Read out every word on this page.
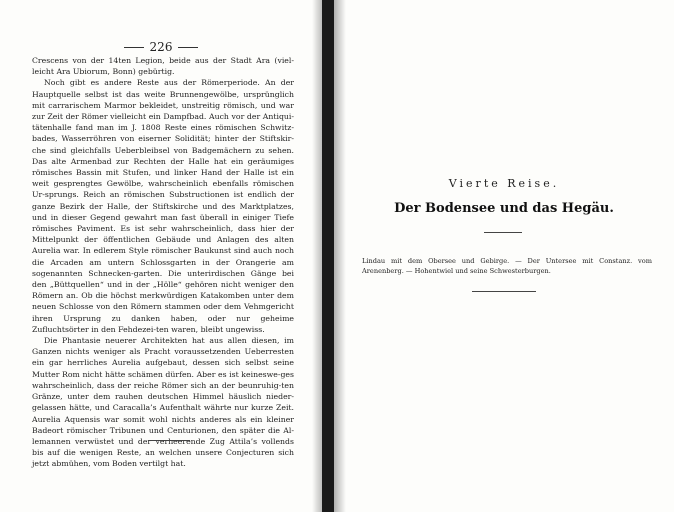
226

Crescens von der 14ten Legion, beide aus der Stadt Ara (viel-leicht Ara Ubiorum, Bonn) gebürtig.

Noch gibt es andere Reste aus der Römerperiode. An der Hauptquelle selbst ist das weite Brunnengewölbe, ursprünglich mit carrarischem Marmor bekleidet, unstreitig römisch, und war zur Zeit der Römer vielleicht ein Dampfbad. Auch vor der Antiqui-tätenhalle fand man im J. 1808 Reste eines römischen Schwitz-bades, Wasserröhren von eiserner Solidität; hinter der Stiftskir-che sind gleichfalls Ueberbleibsel von Badgemächern zu sehen. Das alte Armenbad zur Rechten der Halle hat ein geräumiges römisches Bassin mit Stufen, und linker Hand der Halle ist ein weit gesprengtes Gewölbe, wahrscheinlich ebenfalls römischen Ur-sprungs. Reich an römischen Substructionen ist endlich der ganze Bezirk der Halle, der Stiftskirche und des Marktplatzes, und in dieser Gegend gewahrt man fast überall in einiger Tiefe römisches Paviment. Es ist sehr wahrscheinlich, dass hier der Mittelpunkt der öffentlichen Gebäude und Anlagen des alten Aurelia war. In edlerem Style römischer Baukunst sind auch noch die Arcaden am untern Schlossgarten in der Orangerie am sogenannten Schnecken-garten. Die unterirdischen Gänge bei den „Büttquellen“ und in der „Hölle“ gehören nicht weniger den Römern an. Ob die höchst merkwürdigen Katakomben unter dem neuen Schlosse von den Römern stammen oder dem Vehmgericht ihren Ursprung zu danken haben, oder nur geheime Zufluchtsörter in den Fehdezei-ten waren, bleibt ungewiss.

Die Phantasie neuerer Architekten hat aus allen diesen, im Ganzen nichts weniger als Pracht voraussetzenden Ueberresten ein gar herrliches Aurelia aufgebaut, dessen sich selbst seine Mutter Rom nicht hätte schämen dürfen. Aber es ist keineswe-ges wahrscheinlich, dass der reiche Römer sich an der beunruhig-ten Gränze, unter dem rauhen deutschen Himmel häuslich nieder-gelassen hätte, und Caracalla’s Aufenthalt währte nur kurze Zeit. Aurelia Aquensis war somit wohl nichts anderes als ein kleiner Badeort römischer Tribunen und Centurionen, den später die Al-lemannen verwüstet und der verheerende Zug Attila’s vollends bis auf die wenigen Reste, an welchen unsere Conjecturen sich jetzt abmühen, vom Boden vertilgt hat.

Vierte Reise.
Der Bodensee und das Hegäu.
Lindau mit dem Obersee und Gebirge. — Der Untersee mit Constanz. vom Arenenberg. — Hohentwiel und seine Schwesterburgen.
